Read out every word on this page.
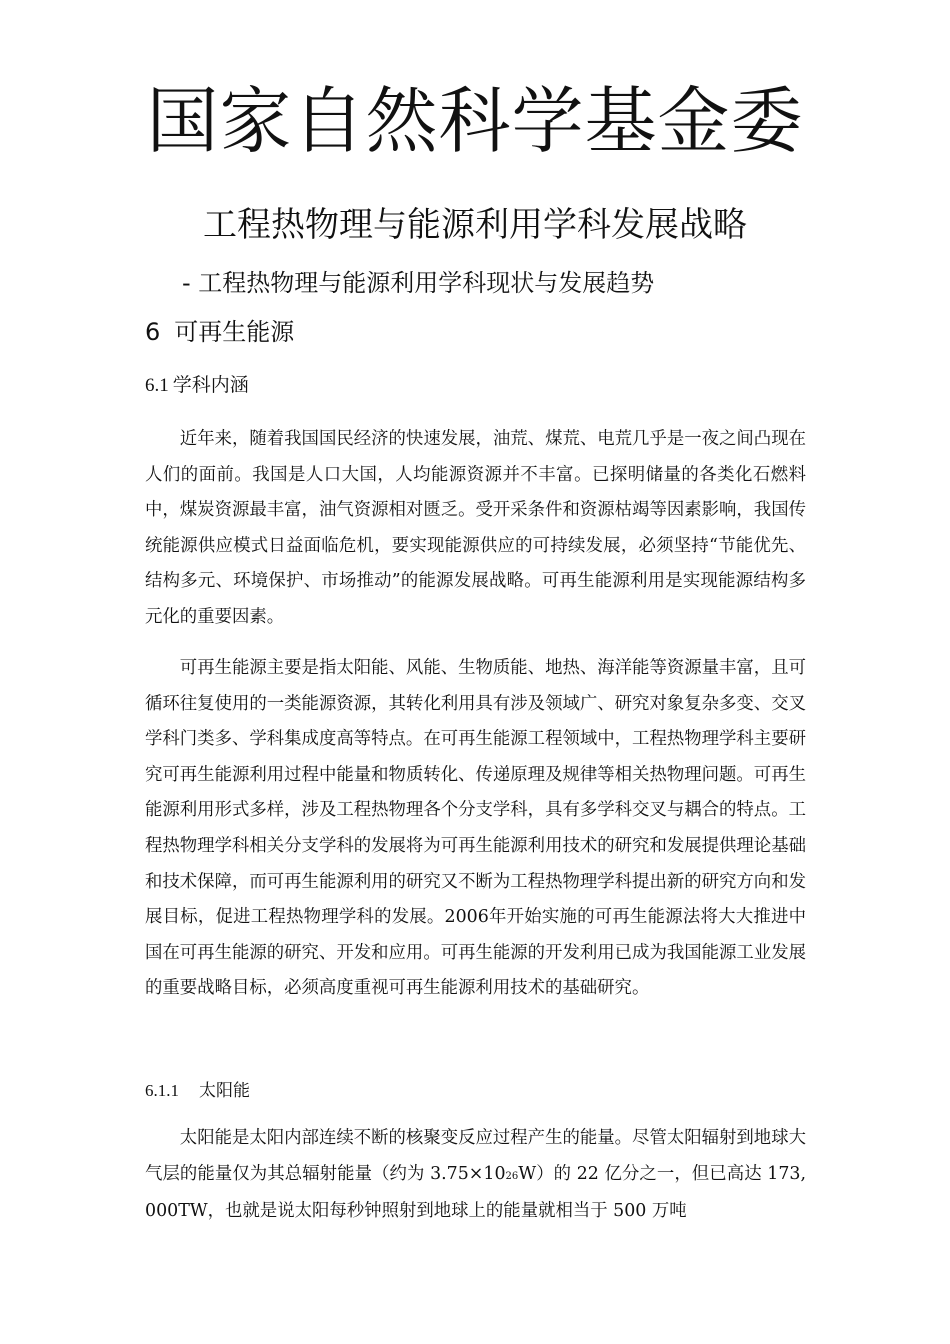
国家自然科学基金委
工程热物理与能源利用学科发展战略
- 工程热物理与能源利用学科现状与发展趋势
6 可再生能源
6.1 学科内涵

近年来，随着我国国民经济的快速发展，油荒、煤荒、电荒几乎是一夜之间凸现在人们的面前。我国是人口大国，人均能源资源并不丰富。已探明储量的各类化石燃料中，煤炭资源最丰富，油气资源相对匮乏。受开采条件和资源枯竭等因素影响，我国传统能源供应模式日益面临危机，要实现能源供应的可持续发展，必须坚持“节能优先、结构多元、环境保护、市场推动”的能源发展战略。可再生能源利用是实现能源结构多元化的重要因素。

可再生能源主要是指太阳能、风能、生物质能、地热、海洋能等资源量丰富，且可循环往复使用的一类能源资源，其转化利用具有涉及领域广、研究对象复杂多变、交叉学科门类多、学科集成度高等特点。在可再生能源工程领域中，工程热物理学科主要研究可再生能源利用过程中能量和物质转化、传递原理及规律等相关热物理问题。可再生能源利用形式多样，涉及工程热物理各个分支学科，具有多学科交叉与耦合的特点。工程热物理学科相关分支学科的发展将为可再生能源利用技术的研究和发展提供理论基础和技术保障，而可再生能源利用的研究又不断为工程热物理学科提出新的研究方向和发展目标，促进工程热物理学科的发展。2006年开始实施的可再生能源法将大大推进中国在可再生能源的研究、开发和应用。可再生能源的开发利用已成为我国能源工业发展的重要战略目标，必须高度重视可再生能源利用技术的基础研究。

6.1.1 太阳能

太阳能是太阳内部连续不断的核聚变反应过程产生的能量。尽管太阳辐射到地球大气层的能量仅为其总辐射能量（约为 3.75×1026W）的 22 亿分之一，但已高达 173,000TW，也就是说太阳每秒钟照射到地球上的能量就相当于 500 万吨
